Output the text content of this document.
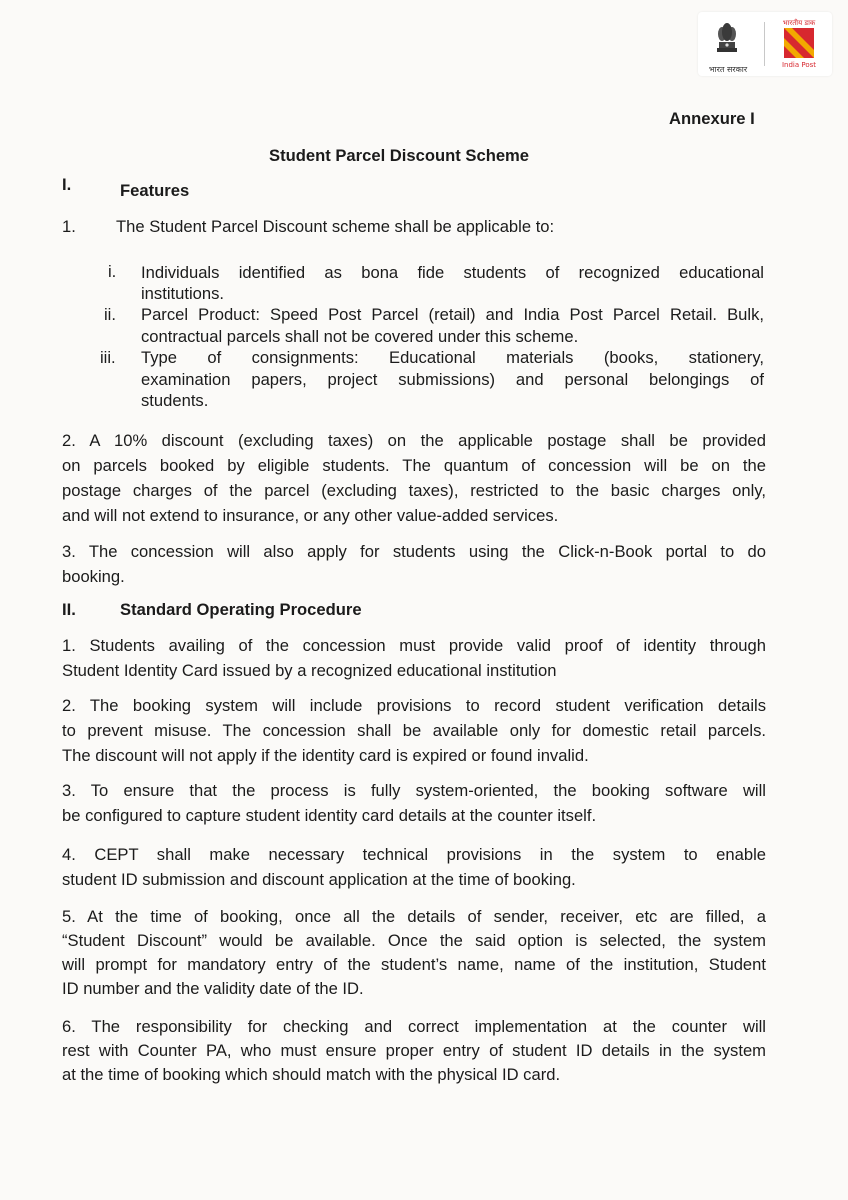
भारत सरकार
भारतीय डाक
India Post
Annexure I
Student Parcel Discount Scheme
I.	Features
1. The Student Parcel Discount scheme shall be applicable to:
i. Individuals identified as bona fide students of recognized educational
institutions.
ii. Parcel Product: Speed Post Parcel (retail) and India Post Parcel Retail. Bulk,
contractual parcels shall not be covered under this scheme.
iii. Type of consignments: Educational materials (books, stationery,
examination papers, project submissions) and personal belongings of
students.
2. A 10% discount (excluding taxes) on the applicable postage shall be provided
on parcels booked by eligible students. The quantum of concession will be on the
postage charges of the parcel (excluding taxes), restricted to the basic charges only,
and will not extend to insurance, or any other value-added services.
3. The concession will also apply for students using the Click-n-Book portal to do
booking.
II.	Standard Operating Procedure
1. Students availing of the concession must provide valid proof of identity through
Student Identity Card issued by a recognized educational institution
2. The booking system will include provisions to record student verification details
to prevent misuse. The concession shall be available only for domestic retail parcels.
The discount will not apply if the identity card is expired or found invalid.
3. To ensure that the process is fully system-oriented, the booking software will
be configured to capture student identity card details at the counter itself.
4. CEPT shall make necessary technical provisions in the system to enable
student ID submission and discount application at the time of booking.
5. At the time of booking, once all the details of sender, receiver, etc are filled, a
“Student Discount” would be available. Once the said option is selected, the system
will prompt for mandatory entry of the student’s name, name of the institution, Student
ID number and the validity date of the ID.
6. The responsibility for checking and correct implementation at the counter will
rest with Counter PA, who must ensure proper entry of student ID details in the system
at the time of booking which should match with the physical ID card.
